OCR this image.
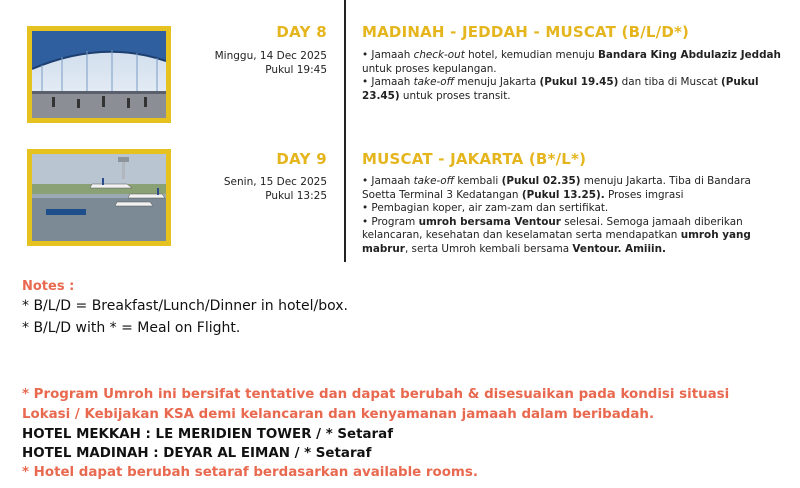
DAY 8
Minggu, 14 Dec 2025
Pukul 19:45
MADINAH - JEDDAH - MUSCAT (B/L/D*)

• Jamaah check-out hotel, kemudian menuju Bandara King Abdulaziz Jeddah untuk proses kepulangan.

• Jamaah take-off menuju Jakarta (Pukul 19.45) dan tiba di Muscat (Pukul 23.45) untuk proses transit.

DAY 9
Senin, 15 Dec 2025
Pukul 13:25
MUSCAT - JAKARTA (B*/L*)

• Jamaah take-off kembali (Pukul 02.35) menuju Jakarta. Tiba di Bandara Soetta Terminal 3 Kedatangan (Pukul 13.25). Proses imgrasi

• Pembagian koper, air zam-zam dan sertifikat.

• Program umroh bersama Ventour selesai. Semoga jamaah diberikan kelancaran, kesehatan dan keselamatan serta mendapatkan umroh yang mabrur, serta Umroh kembali bersama Ventour. Amiiin.

Notes :
* B/L/D = Breakfast/Lunch/Dinner in hotel/box.
* B/L/D with * = Meal on Flight.
* Program Umroh ini bersifat tentative dan dapat berubah & disesuaikan pada kondisi situasi Lokasi / Kebijakan KSA demi kelancaran dan kenyamanan jamaah dalam beribadah.
HOTEL MEKKAH : LE MERIDIEN TOWER / * Setaraf
HOTEL MADINAH : DEYAR AL EIMAN / * Setaraf
* Hotel dapat berubah setaraf berdasarkan available rooms.
